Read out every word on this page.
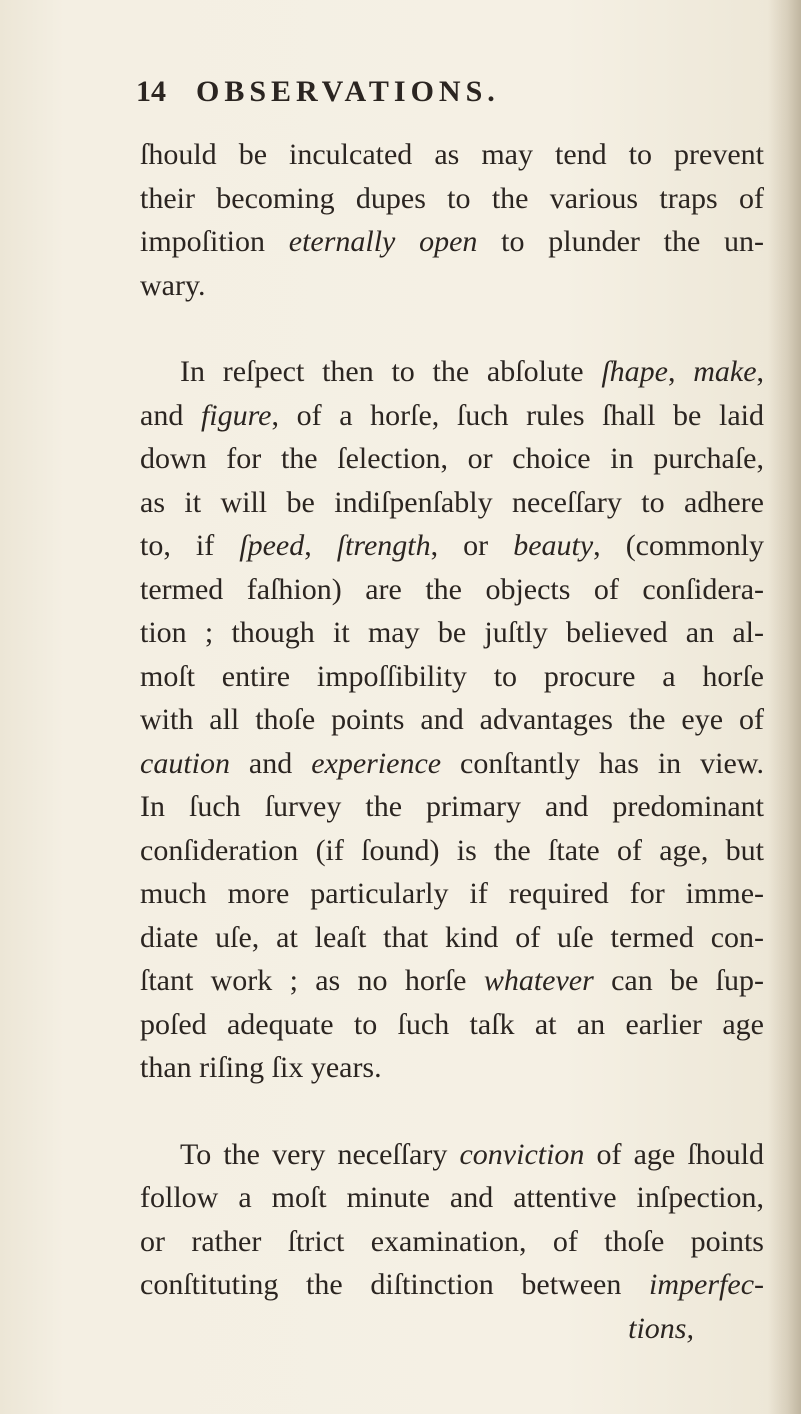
14 OBSERVATIONS.
ſhould be inculcated as may tend to prevent
their becoming dupes to the various traps of
impoſition eternally open to plunder the un-
wary.
In reſpect then to the abſolute ſhape, make,
and figure, of a horſe, ſuch rules ſhall be laid
down for the ſelection, or choice in purchaſe,
as it will be indiſpenſably neceſſary to adhere
to, if ſpeed, ſtrength, or beauty, (commonly
termed faſhion) are the objects of conſidera-
tion ; though it may be juſtly believed an al-
moſt entire impoſſibility to procure a horſe
with all thoſe points and advantages the eye of
caution and experience conſtantly has in view.
In ſuch ſurvey the primary and predominant
conſideration (if ſound) is the ſtate of age, but
much more particularly if required for imme-
diate uſe, at leaſt that kind of uſe termed con-
ſtant work ; as no horſe whatever can be ſup-
poſed adequate to ſuch taſk at an earlier age
than riſing ſix years.
To the very neceſſary conviction of age ſhould
follow a moſt minute and attentive inſpection,
or rather ſtrict examination, of thoſe points
conſtituting the diſtinction between imperfec-
tions,
